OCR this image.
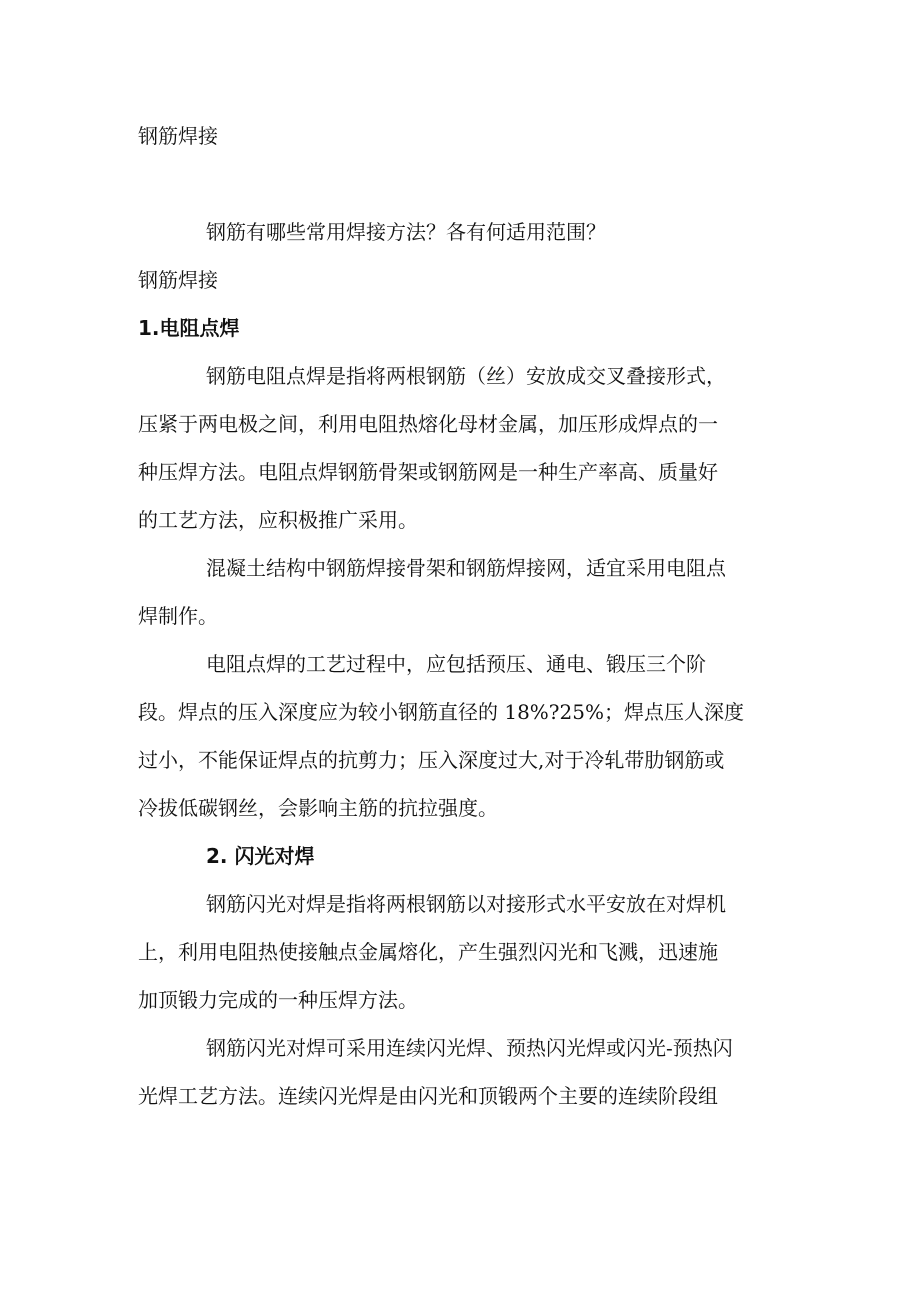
钢筋焊接
钢筋有哪些常用焊接方法？各有何适用范围？
钢筋焊接
1.电阻点焊
钢筋电阻点焊是指将两根钢筋（丝）安放成交叉叠接形式，
压紧于两电极之间，利用电阻热熔化母材金属，加压形成焊点的一
种压焊方法。电阻点焊钢筋骨架或钢筋网是一种生产率高、质量好
的工艺方法，应积极推广采用。
混凝土结构中钢筋焊接骨架和钢筋焊接网，适宜采用电阻点
焊制作。
电阻点焊的工艺过程中，应包括预压、通电、锻压三个阶
段。焊点的压入深度应为较小钢筋直径的 18%?25%；焊点压人深度
过小，不能保证焊点的抗剪力；压入深度过大,对于冷轧带肋钢筋或
冷拔低碳钢丝，会影响主筋的抗拉强度。
2. 闪光对焊
钢筋闪光对焊是指将两根钢筋以对接形式水平安放在对焊机
上，利用电阻热使接触点金属熔化，产生强烈闪光和飞溅，迅速施
加顶锻力完成的一种压焊方法。
钢筋闪光对焊可采用连续闪光焊、预热闪光焊或闪光-预热闪
光焊工艺方法。连续闪光焊是由闪光和顶锻两个主要的连续阶段组
